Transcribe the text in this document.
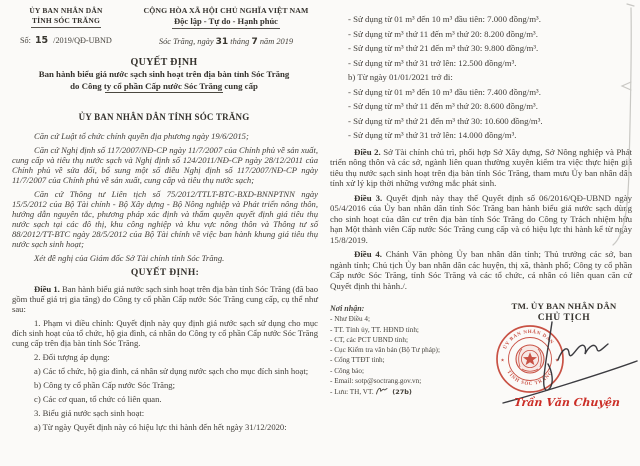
ỦY BAN NHÂN DÂN
TỈNH SÓC TRĂNG
Số: 15 /2019/QĐ-UBND
CỘNG HÒA XÃ HỘI CHỦ NGHĨA VIỆT NAM
Độc lập - Tự do - Hạnh phúc
Sóc Trăng, ngày 31 tháng 7 năm 2019
QUYẾT ĐỊNH
Ban hành biểu giá nước sạch sinh hoạt trên địa bàn tỉnh Sóc Trăng
do Công ty cổ phần Cấp nước Sóc Trăng cung cấp
ỦY BAN NHÂN DÂN TỈNH SÓC TRĂNG

Căn cứ Luật tổ chức chính quyền địa phương ngày 19/6/2015;

Căn cứ Nghị định số 117/2007/NĐ-CP ngày 11/7/2007 của Chính phủ về sản xuất, cung cấp và tiêu thụ nước sạch và Nghị định số 124/2011/NĐ-CP ngày 28/12/2011 của Chính phủ về sửa đổi, bổ sung một số điều Nghị định số 117/2007/NĐ-CP ngày 11/7/2007 của Chính phủ về sản xuất, cung cấp và tiêu thụ nước sạch;

Căn cứ Thông tư Liên tịch số 75/2012/TTLT-BTC-BXD-BNNPTNN ngày 15/5/2012 của Bộ Tài chính - Bộ Xây dựng - Bộ Nông nghiệp và Phát triển nông thôn, hướng dẫn nguyên tắc, phương pháp xác định và thẩm quyền quyết định giá tiêu thụ nước sạch tại các đô thị, khu công nghiệp và khu vực nông thôn và Thông tư số 88/2012/TT-BTC ngày 28/5/2012 của Bộ Tài chính về việc ban hành khung giá tiêu thụ nước sạch sinh hoạt;

Xét đề nghị của Giám đốc Sở Tài chính tỉnh Sóc Trăng.

QUYẾT ĐỊNH:

Điều 1. Ban hành biểu giá nước sạch sinh hoạt trên địa bàn tỉnh Sóc Trăng (đã bao gồm thuế giá trị gia tăng) do Công ty cổ phần Cấp nước Sóc Trăng cung cấp, cụ thể như sau:

1. Phạm vi điều chỉnh: Quyết định này quy định giá nước sạch sử dụng cho mục đích sinh hoạt của tổ chức, hộ gia đình, cá nhân do Công ty cổ phần Cấp nước Sóc Trăng cung cấp trên địa bàn tỉnh Sóc Trăng.

2. Đối tượng áp dụng:

a) Các tổ chức, hộ gia đình, cá nhân sử dụng nước sạch cho mục đích sinh hoạt;

b) Công ty cổ phần Cấp nước Sóc Trăng;

c) Các cơ quan, tổ chức có liên quan.

3. Biểu giá nước sạch sinh hoạt:

a) Từ ngày Quyết định này có hiệu lực thi hành đến hết ngày 31/12/2020:

- Sử dụng từ 01 m³ đến 10 m³ đầu tiên: 7.000 đồng/m³.
- Sử dụng từ m³ thứ 11 đến m³ thứ 20: 8.200 đồng/m³.
- Sử dụng từ m³ thứ 21 đến m³ thứ 30: 9.800 đồng/m³.
- Sử dụng từ m³ thứ 31 trở lên: 12.500 đồng/m³.
b) Từ ngày 01/01/2021 trở đi:
- Sử dụng từ 01 m³ đến 10 m³ đầu tiên: 7.400 đồng/m³.
- Sử dụng từ m³ thứ 11 đến m³ thứ 20: 8.600 đồng/m³.
- Sử dụng từ m³ thứ 21 đến m³ thứ 30: 10.600 đồng/m³.
- Sử dụng từ m³ thứ 31 trở lên: 14.000 đồng/m³.

Điều 2. Sở Tài chính chủ trì, phối hợp Sở Xây dựng, Sở Nông nghiệp và Phát triển nông thôn và các sở, ngành liên quan thường xuyên kiểm tra việc thực hiện giá tiêu thụ nước sạch sinh hoạt trên địa bàn tỉnh Sóc Trăng, tham mưu Ủy ban nhân dân tỉnh xử lý kịp thời những vướng mắc phát sinh.

Điều 3. Quyết định này thay thế Quyết định số 06/2016/QĐ-UBND ngày 05/4/2016 của Ủy ban nhân dân tỉnh Sóc Trăng ban hành biểu giá nước sạch dùng cho sinh hoạt của dân cư trên địa bàn tỉnh Sóc Trăng do Công ty Trách nhiệm hữu hạn Một thành viên Cấp nước Sóc Trăng cung cấp và có hiệu lực thi hành kể từ ngày 15/8/2019.

Điều 4. Chánh Văn phòng Ủy ban nhân dân tỉnh; Thủ trưởng các sở, ban ngành tỉnh; Chủ tịch Ủy ban nhân dân các huyện, thị xã, thành phố; Công ty cổ phần Cấp nước Sóc Trăng, tỉnh Sóc Trăng và các tổ chức, cá nhân có liên quan căn cứ Quyết định thi hành./.

Nơi nhận:
- Như Điều 4;
- TT. Tỉnh ủy, TT. HĐND tỉnh;
- CT, các PCT UBND tỉnh;
- Cục Kiểm tra văn bản (Bộ Tư pháp);
- Cổng TTĐT tỉnh;
- Công báo;
- Email: sotp@soctrang.gov.vn;
- Lưu: TH, VT.	(27b)
TM. ỦY BAN NHÂN DÂN
CHỦ TỊCH
ỦY BAN NHÂN DÂN
TỈNH SÓC TRĂNG
★	★
Trần Văn Chuyện
